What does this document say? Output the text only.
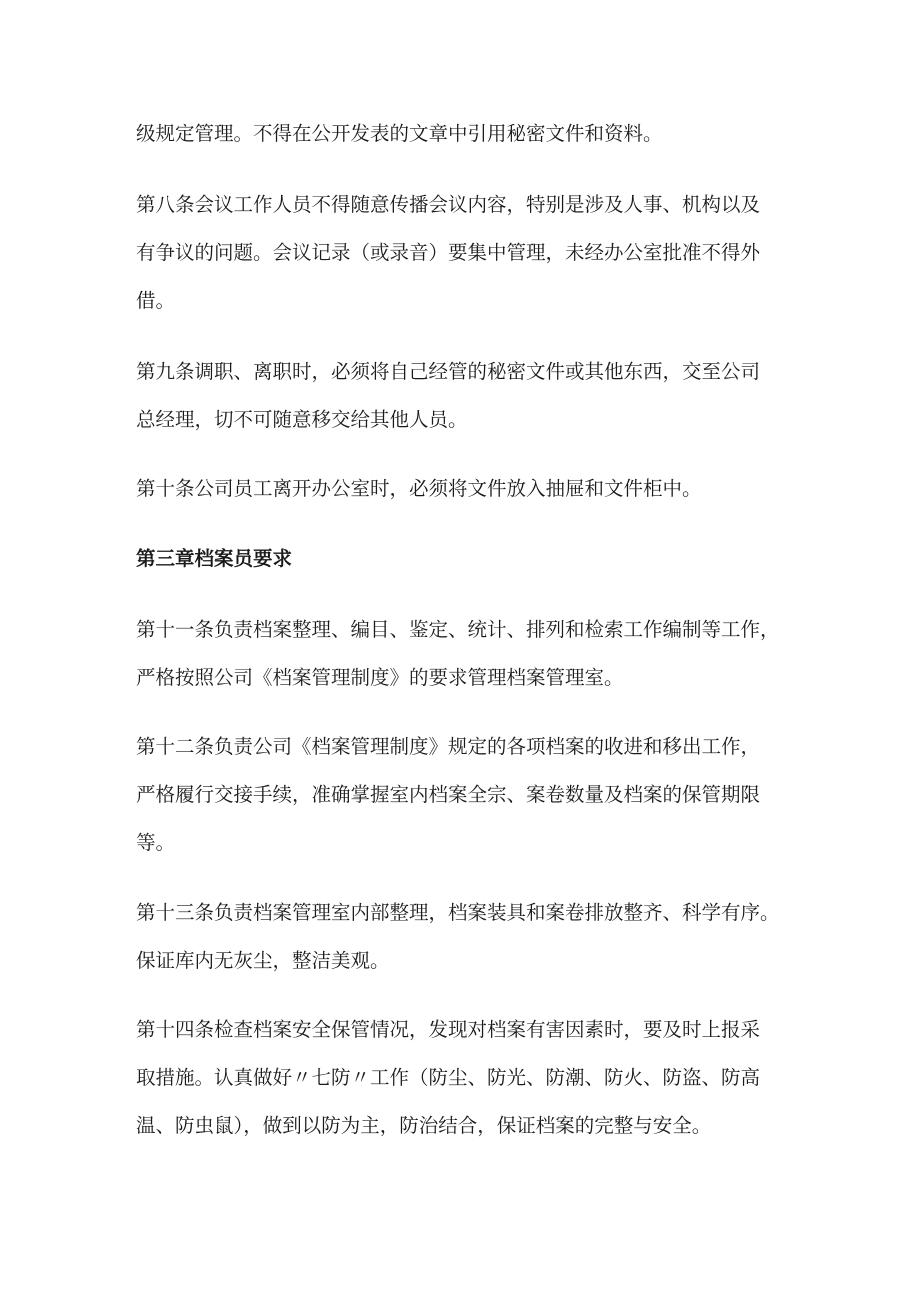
级规定管理。不得在公开发表的文章中引用秘密文件和资料。

第八条会议工作人员不得随意传播会议内容，特别是涉及人事、机构以及
有争议的问题。会议记录（或录音）要集中管理，未经办公室批准不得外
借。

第九条调职、离职时，必须将自己经管的秘密文件或其他东西，交至公司
总经理，切不可随意移交给其他人员。

第十条公司员工离开办公室时，必须将文件放入抽屉和文件柜中。

第三章档案员要求

第十一条负责档案整理、编目、鉴定、统计、排列和检索工作编制等工作，
严格按照公司《档案管理制度》的要求管理档案管理室。

第十二条负责公司《档案管理制度》规定的各项档案的收进和移出工作，
严格履行交接手续，准确掌握室内档案全宗、案卷数量及档案的保管期限
等。

第十三条负责档案管理室内部整理，档案装具和案卷排放整齐、科学有序。
保证库内无灰尘，整洁美观。

第十四条检查档案安全保管情况，发现对档案有害因素时，要及时上报采
取措施。认真做好〃七防〃工作（防尘、防光、防潮、防火、防盗、防高
温、防虫鼠），做到以防为主，防治结合，保证档案的完整与安全。
